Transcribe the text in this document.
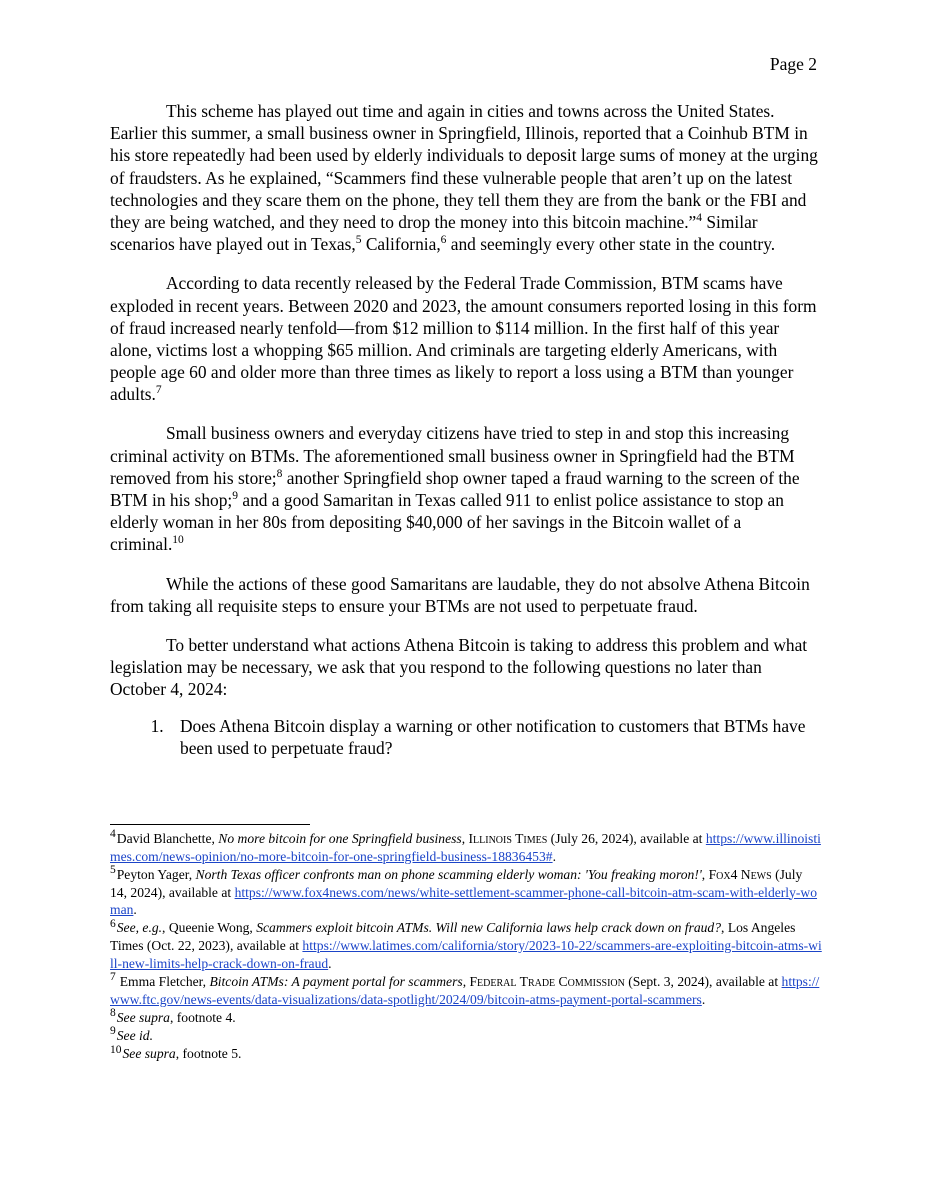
Page 2

This scheme has played out time and again in cities and towns across the United States. Earlier this summer, a small business owner in Springfield, Illinois, reported that a Coinhub BTM in his store repeatedly had been used by elderly individuals to deposit large sums of money at the urging of fraudsters. As he explained, “Scammers find these vulnerable people that aren’t up on the latest technologies and they scare them on the phone, they tell them they are from the bank or the FBI and they are being watched, and they need to drop the money into this bitcoin machine.”$^4$ Similar scenarios have played out in Texas,$^5$ California,$^6$ and seemingly every other state in the country.

According to data recently released by the Federal Trade Commission, BTM scams have exploded in recent years. Between 2020 and 2023, the amount consumers reported losing in this form of fraud increased nearly tenfold—from $12 million to $114 million. In the first half of this year alone, victims lost a whopping $65 million. And criminals are targeting elderly Americans, with people age 60 and older more than three times as likely to report a loss using a BTM than younger adults.$^7$

Small business owners and everyday citizens have tried to step in and stop this increasing criminal activity on BTMs. The aforementioned small business owner in Springfield had the BTM removed from his store;$^8$ another Springfield shop owner taped a fraud warning to the screen of the BTM in his shop;$^9$ and a good Samaritan in Texas called 911 to enlist police assistance to stop an elderly woman in her 80s from depositing $40,000 of her savings in the Bitcoin wallet of a criminal.$^{10}$

While the actions of these good Samaritans are laudable, they do not absolve Athena Bitcoin from taking all requisite steps to ensure your BTMs are not used to perpetuate fraud.

To better understand what actions Athena Bitcoin is taking to address this problem and what legislation may be necessary, we ask that you respond to the following questions no later than October 4, 2024:

1. Does Athena Bitcoin display a warning or other notification to customers that BTMs have been used to perpetuate fraud?

$^4$David Blanchette, No more bitcoin for one Springfield business, Illinois Times (July 26, 2024), available at https://www.illinoistimes.com/news-opinion/no-more-bitcoin-for-one-springfield-business-18836453#.

$^5$Peyton Yager, North Texas officer confronts man on phone scamming elderly woman: 'You freaking moron!', Fox4 News (July 14, 2024), available at https://www.fox4news.com/news/white-settlement-scammer-phone-call-bitcoin-atm-scam-with-elderly-woman.

$^6$See, e.g., Queenie Wong, Scammers exploit bitcoin ATMs. Will new California laws help crack down on fraud?, Los Angeles Times (Oct. 22, 2023), available at https://www.latimes.com/california/story/2023-10-22/scammers-are-exploiting-bitcoin-atms-will-new-limits-help-crack-down-on-fraud.

$^7$ Emma Fletcher, Bitcoin ATMs: A payment portal for scammers, Federal Trade Commission (Sept. 3, 2024), available at https://www.ftc.gov/news-events/data-visualizations/data-spotlight/2024/09/bitcoin-atms-payment-portal-scammers.

$^8$See supra, footnote 4.

$^9$See id.

$^{10}$See supra, footnote 5.
